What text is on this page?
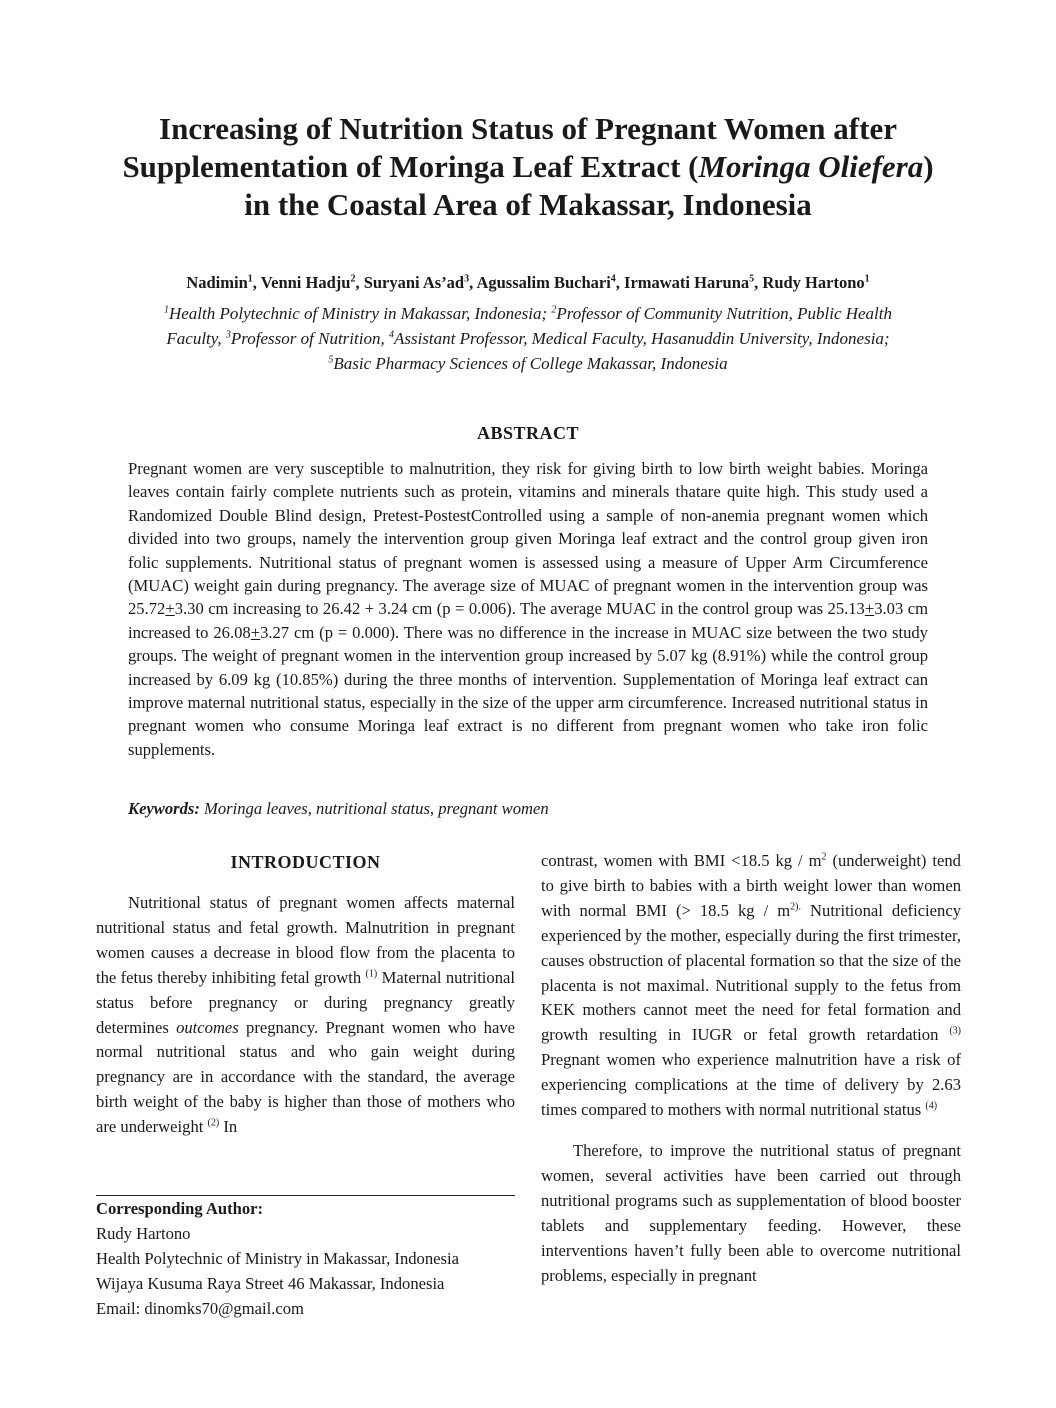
Increasing of Nutrition Status of Pregnant Women after
Supplementation of Moringa Leaf Extract (Moringa Oliefera)
in the Coastal Area of Makassar, Indonesia
Nadimin$^1$, Venni Hadju$^2$, Suryani $As’ad^3$, Agussalim Buchari$^4$, Irmawati Haruna$^5$, Rudy Hartono$^1$
$^1$Health Polytechnic of Ministry in Makassar, Indonesia; $^2$Professor of Community Nutrition, Public Health
Faculty, $^3$Professor of Nutrition, $^4$Assistant Professor, Medical Faculty, Hasanuddin University, Indonesia;
$^5$Basic Pharmacy Sciences of College Makassar, Indonesia
ABSTRACT
Pregnant women are very susceptible to malnutrition, they risk for giving birth to low birth weight babies. Moringa leaves contain fairly complete nutrients such as protein, vitamins and minerals thatare quite high. This study used a Randomized Double Blind design, Pretest-PostestControlled using a sample of non-anemia pregnant women which divided into two groups, namely the intervention group given Moringa leaf extract and the control group given iron folic supplements. Nutritional status of pregnant women is assessed using a measure of Upper Arm Circumference (MUAC) weight gain during pregnancy. The average size of MUAC of pregnant women in the intervention group was 25.72+3.30 cm increasing to 26.42 + 3.24 cm (p = 0.006). The average MUAC in the control group was 25.13+3.03 cm increased to 26.08+3.27 cm (p = 0.000). There was no difference in the increase in MUAC size between the two study groups. The weight of pregnant women in the intervention group increased by 5.07 kg (8.91%) while the control group increased by 6.09 kg (10.85%) during the three months of intervention. Supplementation of Moringa leaf extract can improve maternal nutritional status, especially in the size of the upper arm circumference. Increased nutritional status in pregnant women who consume Moringa leaf extract is no different from pregnant women who take iron folic supplements.
Keywords: Moringa leaves, nutritional status, pregnant women
INTRODUCTION

Nutritional status of pregnant women affects maternal nutritional status and fetal growth. Malnutrition in pregnant women causes a decrease in blood flow from the placenta to the fetus thereby inhibiting fetal growth $^{(1)}$ Maternal nutritional status before pregnancy or during pregnancy greatly determines outcomes pregnancy. Pregnant women who have normal nutritional status and who gain weight during pregnancy are in accordance with the standard, the average birth weight of the baby is higher than those of mothers who are underweight $^{(2)}$ In

Corresponding Author:
Rudy Hartono
Health Polytechnic of Ministry in Makassar, Indonesia
Wijaya Kusuma Raya Street 46 Makassar, Indonesia
Email: dinomks70@gmail.com

contrast, women with BMI <18.5 kg / $m^2$ (underweight) tend to give birth to babies with a birth weight lower than women with normal BMI (> 18.5 kg / $m^{2).}$ Nutritional deficiency experienced by the mother, especially during the first trimester, causes obstruction of placental formation so that the size of the placenta is not maximal. Nutritional supply to the fetus from KEK mothers cannot meet the need for fetal formation and growth resulting in IUGR or fetal growth retardation $^{(3)}$ Pregnant women who experience malnutrition have a risk of experiencing complications at the time of delivery by 2.63 times compared to mothers with normal nutritional status $^{(4)}$

Therefore, to improve the nutritional status of pregnant women, several activities have been carried out through nutritional programs such as supplementation of blood booster tablets and supplementary feeding. However, these interventions haven’t fully been able to overcome nutritional problems, especially in pregnant
